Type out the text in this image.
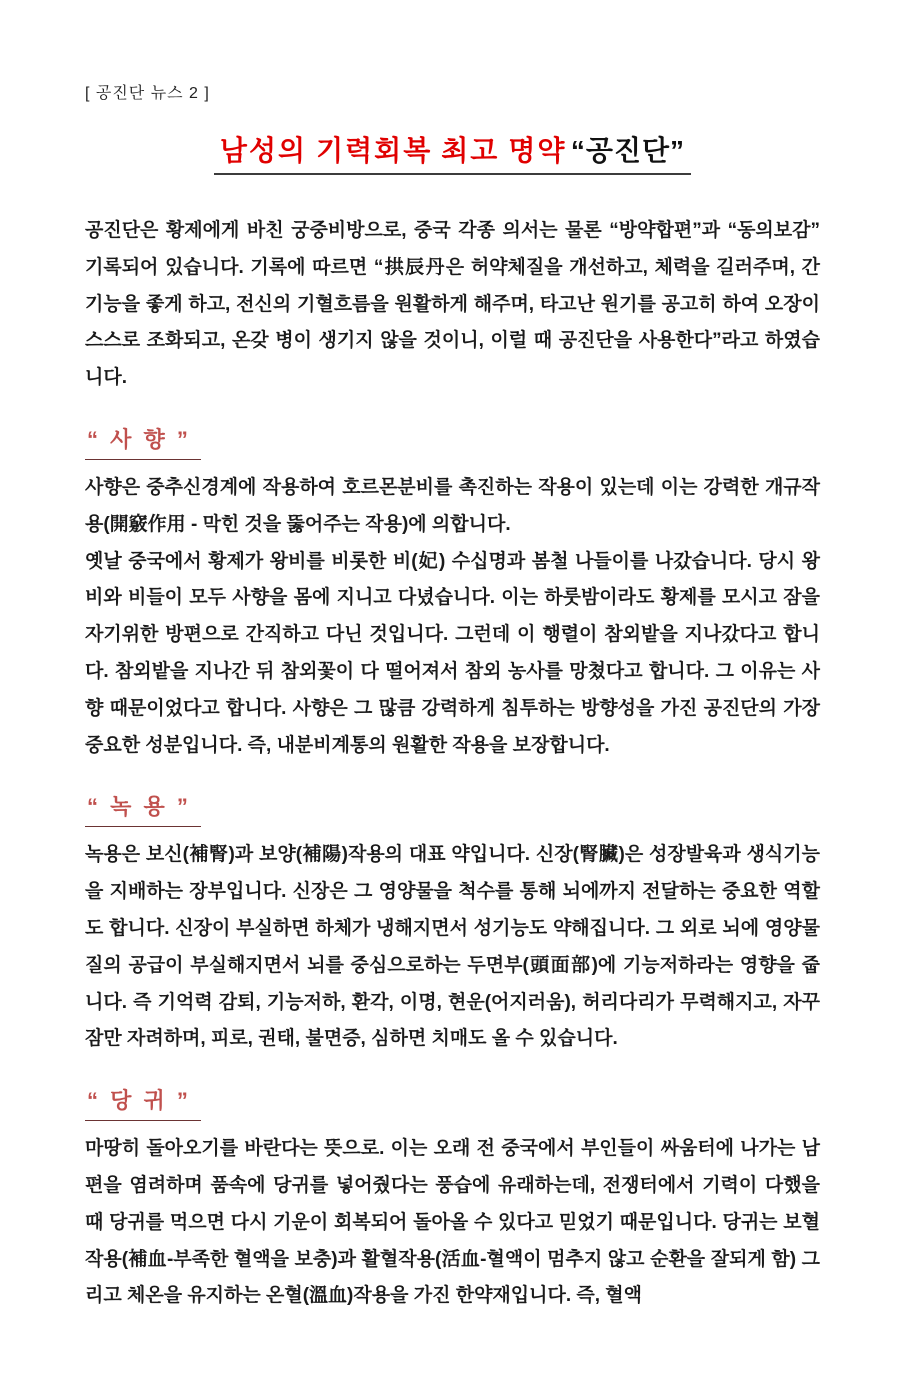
[ 공진단 뉴스 2 ]
남성의 기력회복 최고 명약 “공진단”

공진단은 황제에게 바친 궁중비방으로, 중국 각종 의서는 물론 “방약합편”과 “동의보감” 기록되어 있습니다. 기록에 따르면 “拱辰丹은 허약체질을 개선하고, 체력을 길러주며, 간 기능을 좋게 하고, 전신의 기혈흐름을 원활하게 해주며, 타고난 원기를 공고히 하여 오장이 스스로 조화되고, 온갖 병이 생기지 않을 것이니, 이럴 때 공진단을 사용한다”라고 하였습니다.

“ 사 향 ”

사향은 중추신경계에 작용하여 호르몬분비를 촉진하는 작용이 있는데 이는 강력한 개규작용(開竅作用 - 막힌 것을 뚫어주는 작용)에 의합니다.

옛날 중국에서 황제가 왕비를 비롯한 비(妃) 수십명과 봄철 나들이를 나갔습니다. 당시 왕비와 비들이 모두 사향을 몸에 지니고 다녔습니다. 이는 하룻밤이라도 황제를 모시고 잠을 자기위한 방편으로 간직하고 다닌 것입니다. 그런데 이 행렬이 참외밭을 지나갔다고 합니다. 참외밭을 지나간 뒤 참외꽃이 다 떨어져서 참외 농사를 망쳤다고 합니다. 그 이유는 사향 때문이었다고 합니다. 사향은 그 많큼 강력하게 침투하는 방향성을 가진 공진단의 가장 중요한 성분입니다. 즉, 내분비계통의 원활한 작용을 보장합니다.

“ 녹 용 ”

녹용은 보신(補腎)과 보양(補陽)작용의 대표 약입니다. 신장(腎臟)은 성장발육과 생식기능을 지배하는 장부입니다. 신장은 그 영양물을 척수를 통해 뇌에까지 전달하는 중요한 역할도 합니다. 신장이 부실하면 하체가 냉해지면서 성기능도 약해집니다. 그 외로 뇌에 영양물질의 공급이 부실해지면서 뇌를 중심으로하는 두면부(頭面部)에 기능저하라는 영향을 줍니다. 즉 기억력 감퇴, 기능저하, 환각, 이명, 현운(어지러움), 허리다리가 무력해지고, 자꾸 잠만 자려하며, 피로, 권태, 불면증, 심하면 치매도 올 수 있습니다.

“ 당 귀 ”

마땅히 돌아오기를 바란다는 뜻으로. 이는 오래 전 중국에서 부인들이 싸움터에 나가는 남편을 염려하며 품속에 당귀를 넣어줬다는 풍습에 유래하는데, 전쟁터에서 기력이 다했을 때 당귀를 먹으면 다시 기운이 회복되어 돌아올 수 있다고 믿었기 때문입니다. 당귀는 보혈작용(補血-부족한 혈액을 보충)과 활혈작용(活血-혈액이 멈추지 않고 순환을 잘되게 함) 그리고 체온을 유지하는 온혈(溫血)작용을 가진 한약재입니다. 즉, 혈액
